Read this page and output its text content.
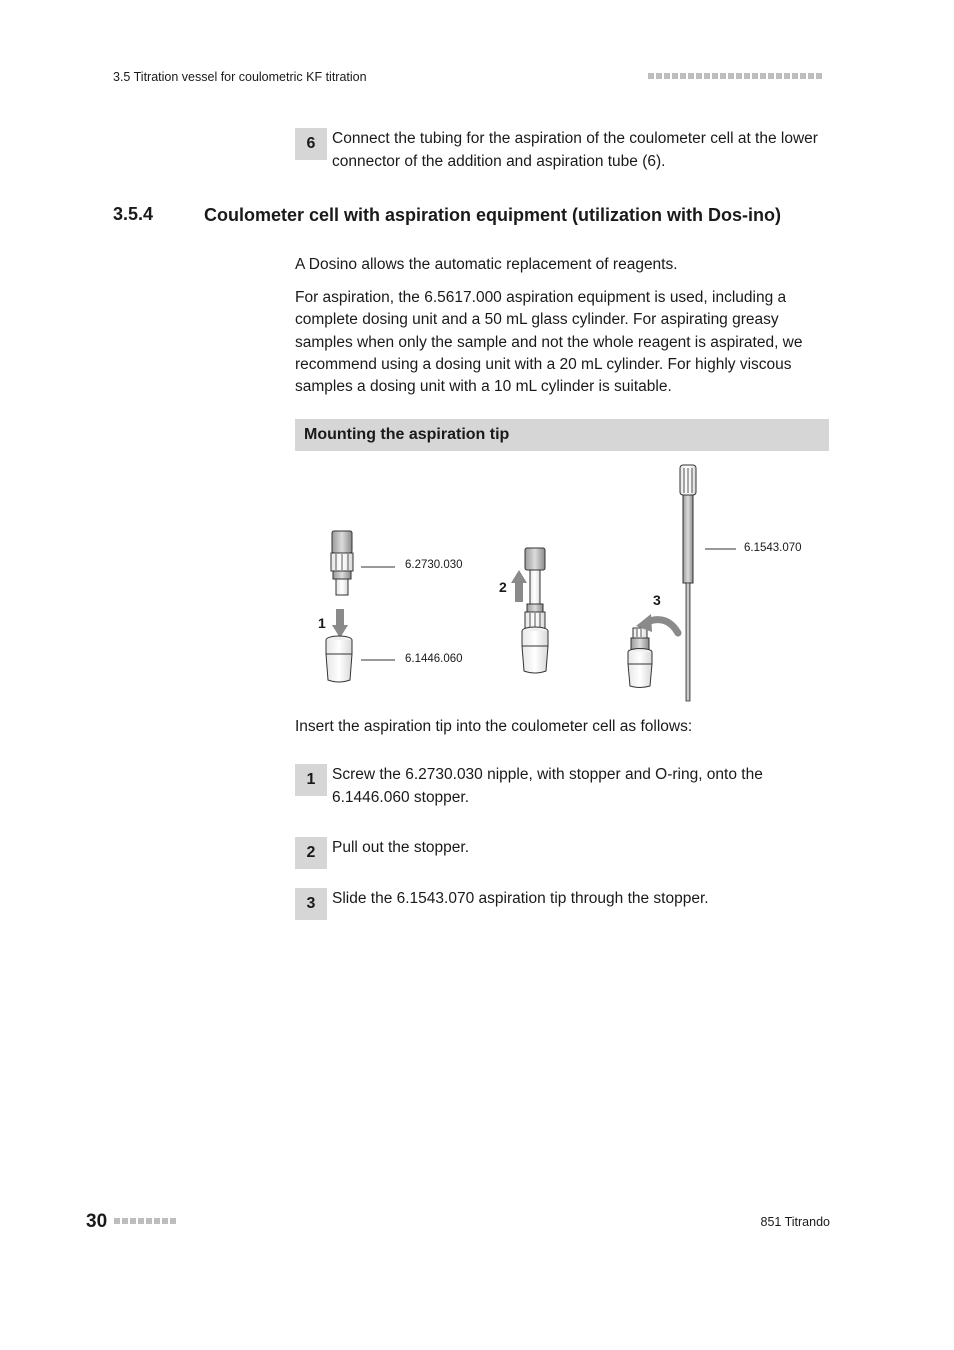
3.5 Titration vessel for coulometric KF titration
6	Connect the tubing for the aspiration of the coulometer cell at the lower connector of the addition and aspiration tube (6).
3.5.4	Coulometer cell with aspiration equipment (utilization with Dos-ino)
A Dosino allows the automatic replacement of reagents.
For aspiration, the 6.5617.000 aspiration equipment is used, including a complete dosing unit and a 50 mL glass cylinder. For aspirating greasy samples when only the sample and not the whole reagent is aspirated, we recommend using a dosing unit with a 20 mL cylinder. For highly viscous samples a dosing unit with a 10 mL cylinder is suitable.
Mounting the aspiration tip
1
6.2730.030
6.1446.060
2
3
6.1543.070
Insert the aspiration tip into the coulometer cell as follows:
1	Screw the 6.2730.030 nipple, with stopper and O-ring, onto the 6.1446.060 stopper.
2	Pull out the stopper.
3	Slide the 6.1543.070 aspiration tip through the stopper.
30	851 Titrando
